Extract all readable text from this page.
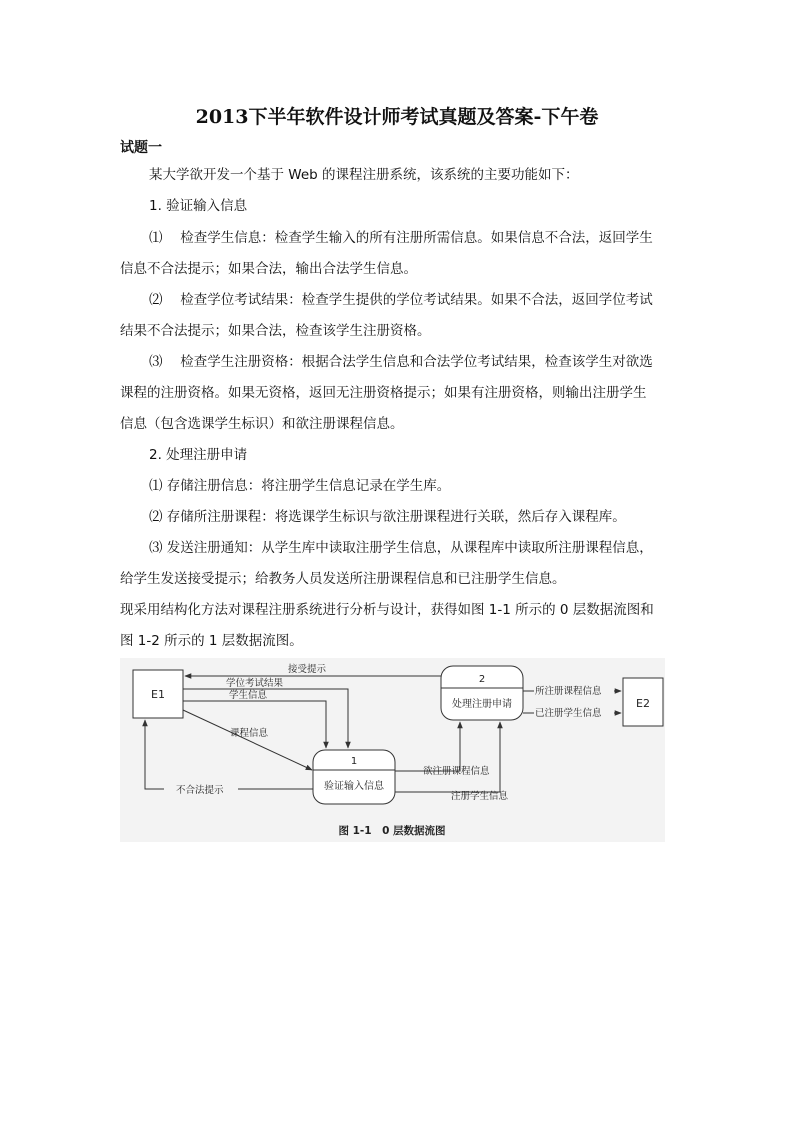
2013下半年软件设计师考试真题及答案-下午卷
试题一
某大学欲开发一个基于 Web 的课程注册系统，该系统的主要功能如下：
1. 验证输入信息
⑴　 检查学生信息：检查学生输入的所有注册所需信息。如果信息不合法，返回学生
信息不合法提示；如果合法，输出合法学生信息。
⑵　 检查学位考试结果：检查学生提供的学位考试结果。如果不合法，返回学位考试
结果不合法提示；如果合法，检查该学生注册资格。
⑶　 检查学生注册资格：根据合法学生信息和合法学位考试结果，检查该学生对欲选
课程的注册资格。如果无资格，返回无注册资格提示；如果有注册资格，则输出注册学生
信息（包含选课学生标识）和欲注册课程信息。
2. 处理注册申请
⑴ 存储注册信息：将注册学生信息记录在学生库。
⑵ 存储所注册课程：将选课学生标识与欲注册课程进行关联，然后存入课程库。
⑶ 发送注册通知：从学生库中读取注册学生信息，从课程库中读取所注册课程信息，
给学生发送接受提示；给教务人员发送所注册课程信息和已注册学生信息。
现采用结构化方法对课程注册系统进行分析与设计，获得如图 1-1 所示的 0 层数据流图和
图 1-2 所示的 1 层数据流图。
E1
E2
1
验证输入信息
2
处理注册申请
接受提示
学位考试结果
学生信息
课程信息
不合法提示
欲注册课程信息
注册学生信息
所注册课程信息
已注册学生信息
图 1-1　0 层数据流图
